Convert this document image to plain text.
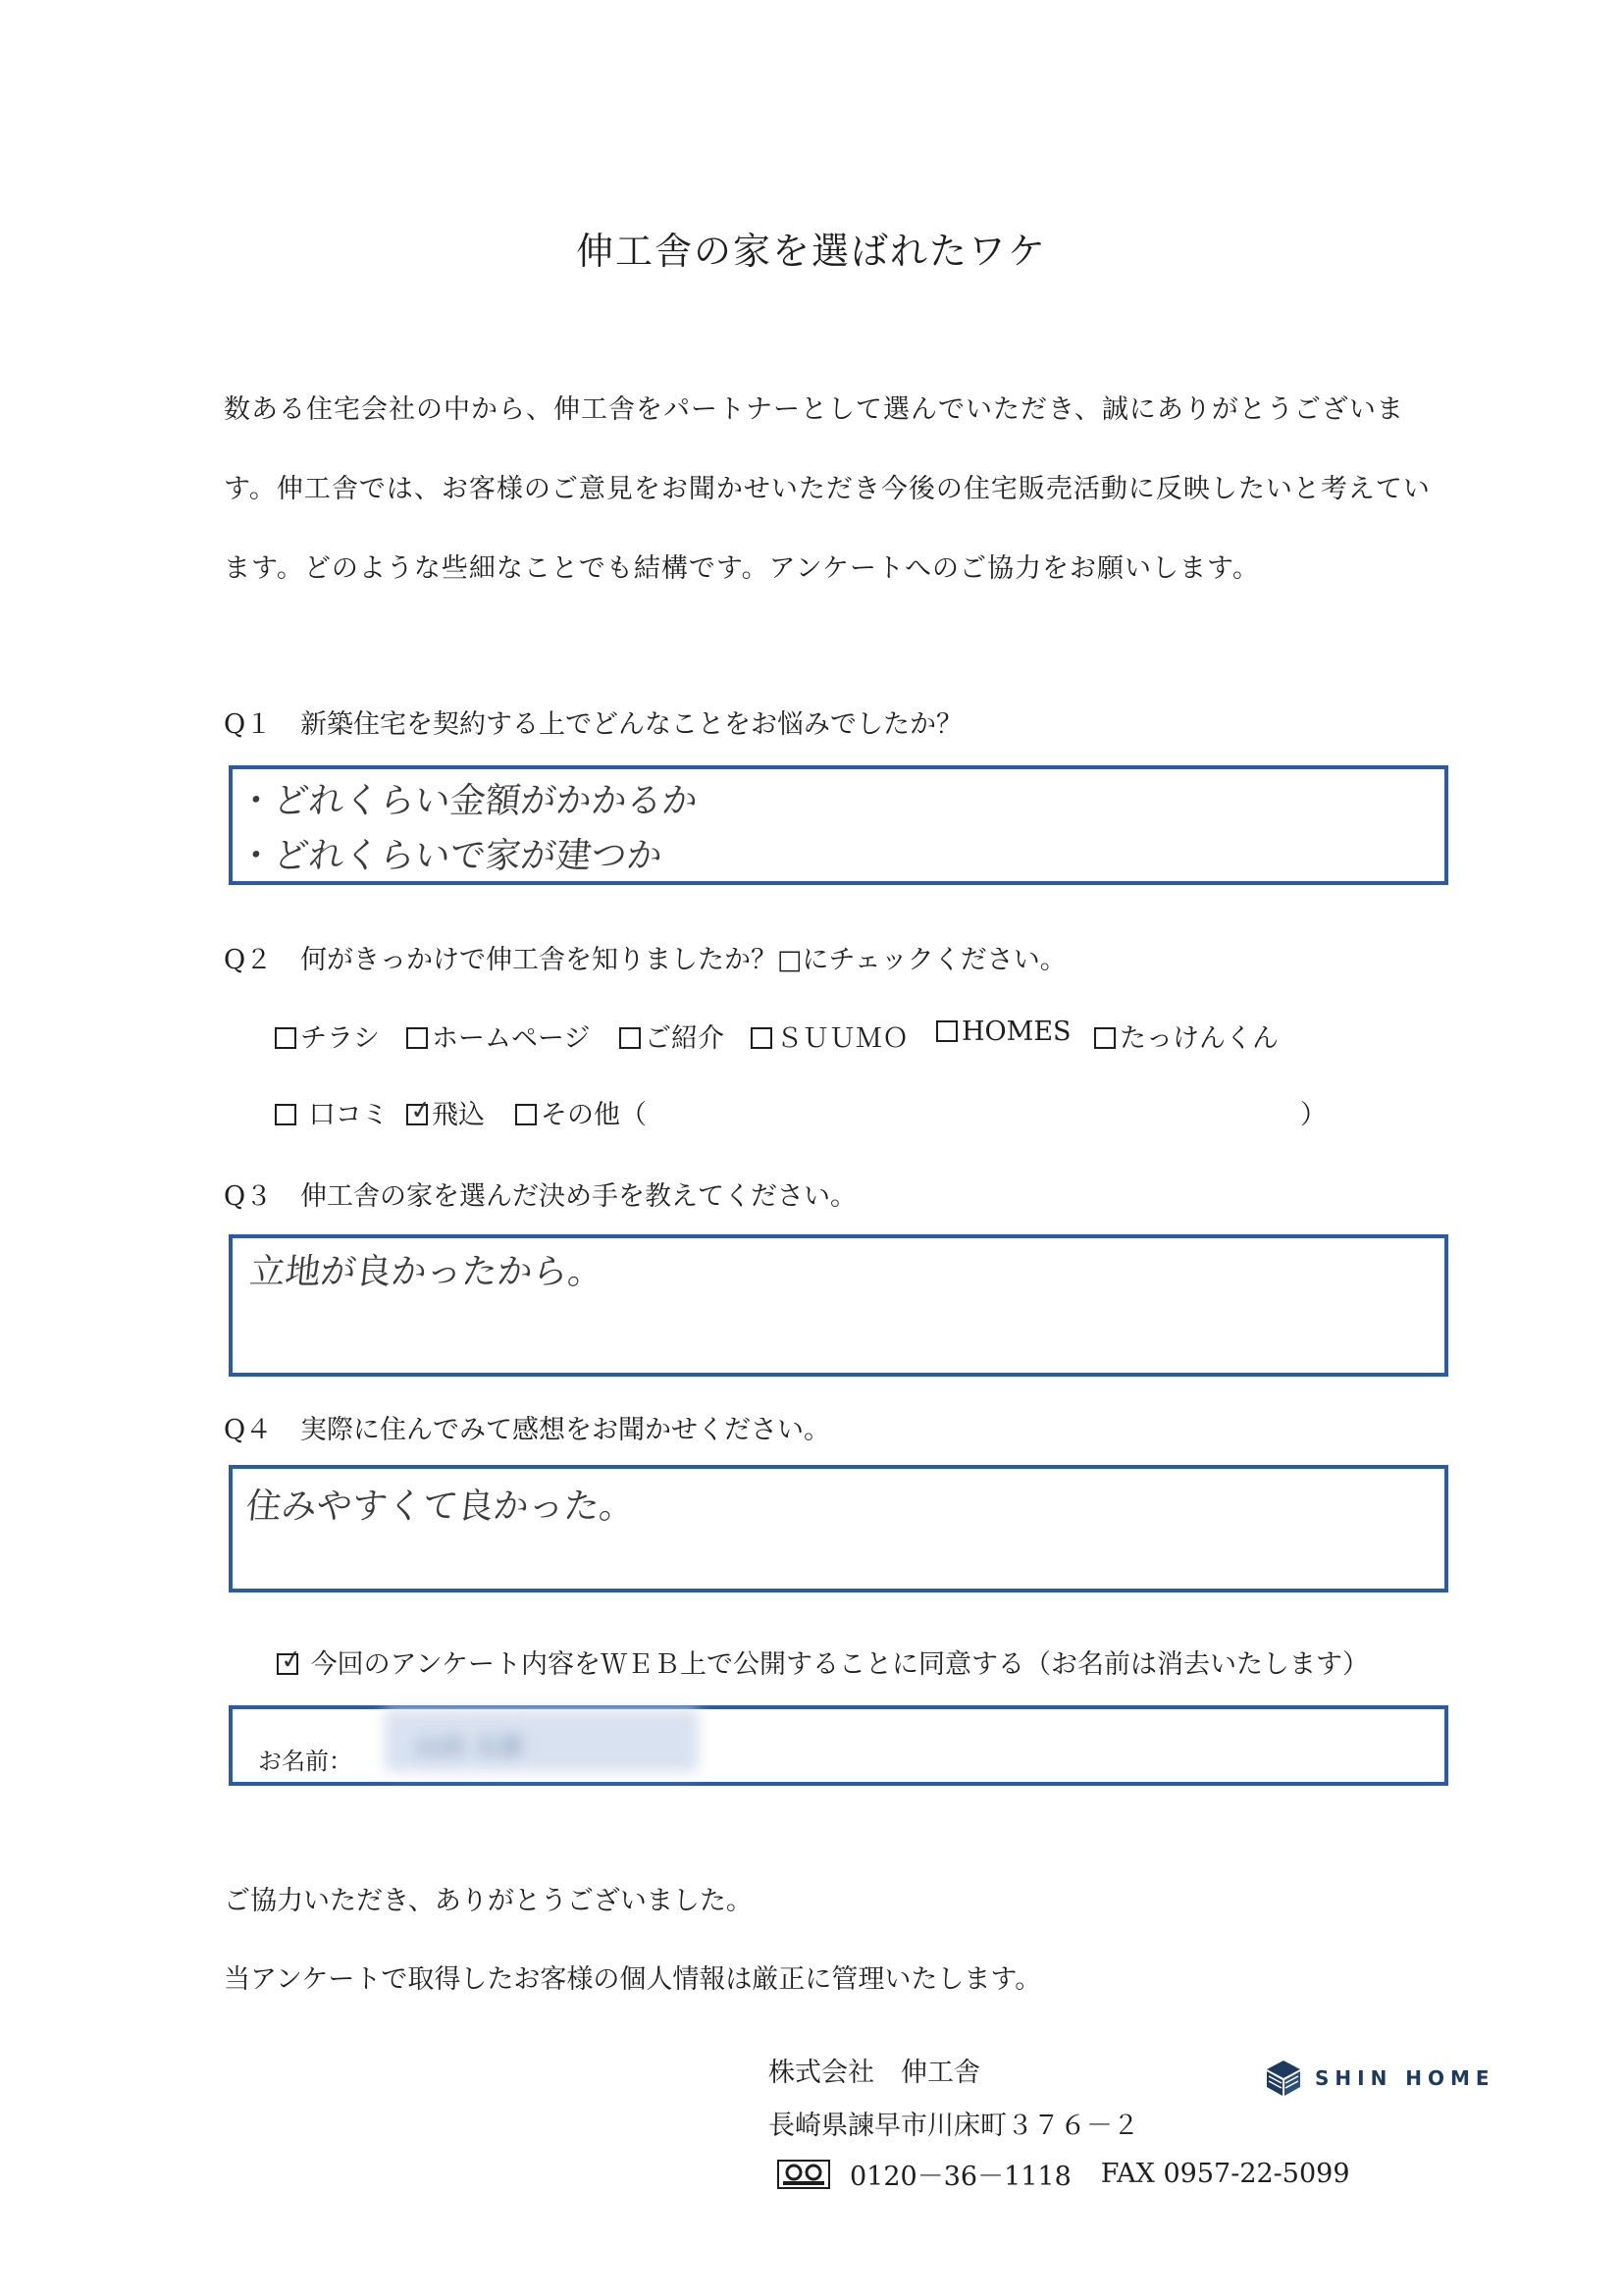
伸工舎の家を選ばれたワケ
数ある住宅会社の中から、伸工舎をパートナーとして選んでいただき、誠にありがとうございま
す。伸工舎では、お客様のご意見をお聞かせいただき今後の住宅販売活動に反映したいと考えてい
ます。どのような些細なことでも結構です。アンケートへのご協力をお願いします。
Q１ 新築住宅を契約する上でどんなことをお悩みでしたか？
・どれくらい金額がかかるか
・どれくらいで家が建つか
Q２ 何がきっかけで伸工舎を知りましたか？□にチェックください。
チラシ	ホームページ	ご紹介	ＳＵＵＭＯ	HOMES	たっけんくん
口コミ ✓
飛込	その他（	）
Q３ 伸工舎の家を選んだ決め手を教えてください。
立地が良かったから。
Q４ 実際に住んでみて感想をお聞かせください。
住みやすくて良かった。
✓ 今回のアンケート内容をＷＥＢ上で公開することに同意する（お名前は消去いたします）
お名前： 山田 太郎
ご協力いただき、ありがとうございました。
当アンケートで取得したお客様の個人情報は厳正に管理いたします。
株式会社　伸工舎
長崎県諫早市川床町３７６－２
0120－36－1118 FAX 0957-22-5099
SHIN HOME
